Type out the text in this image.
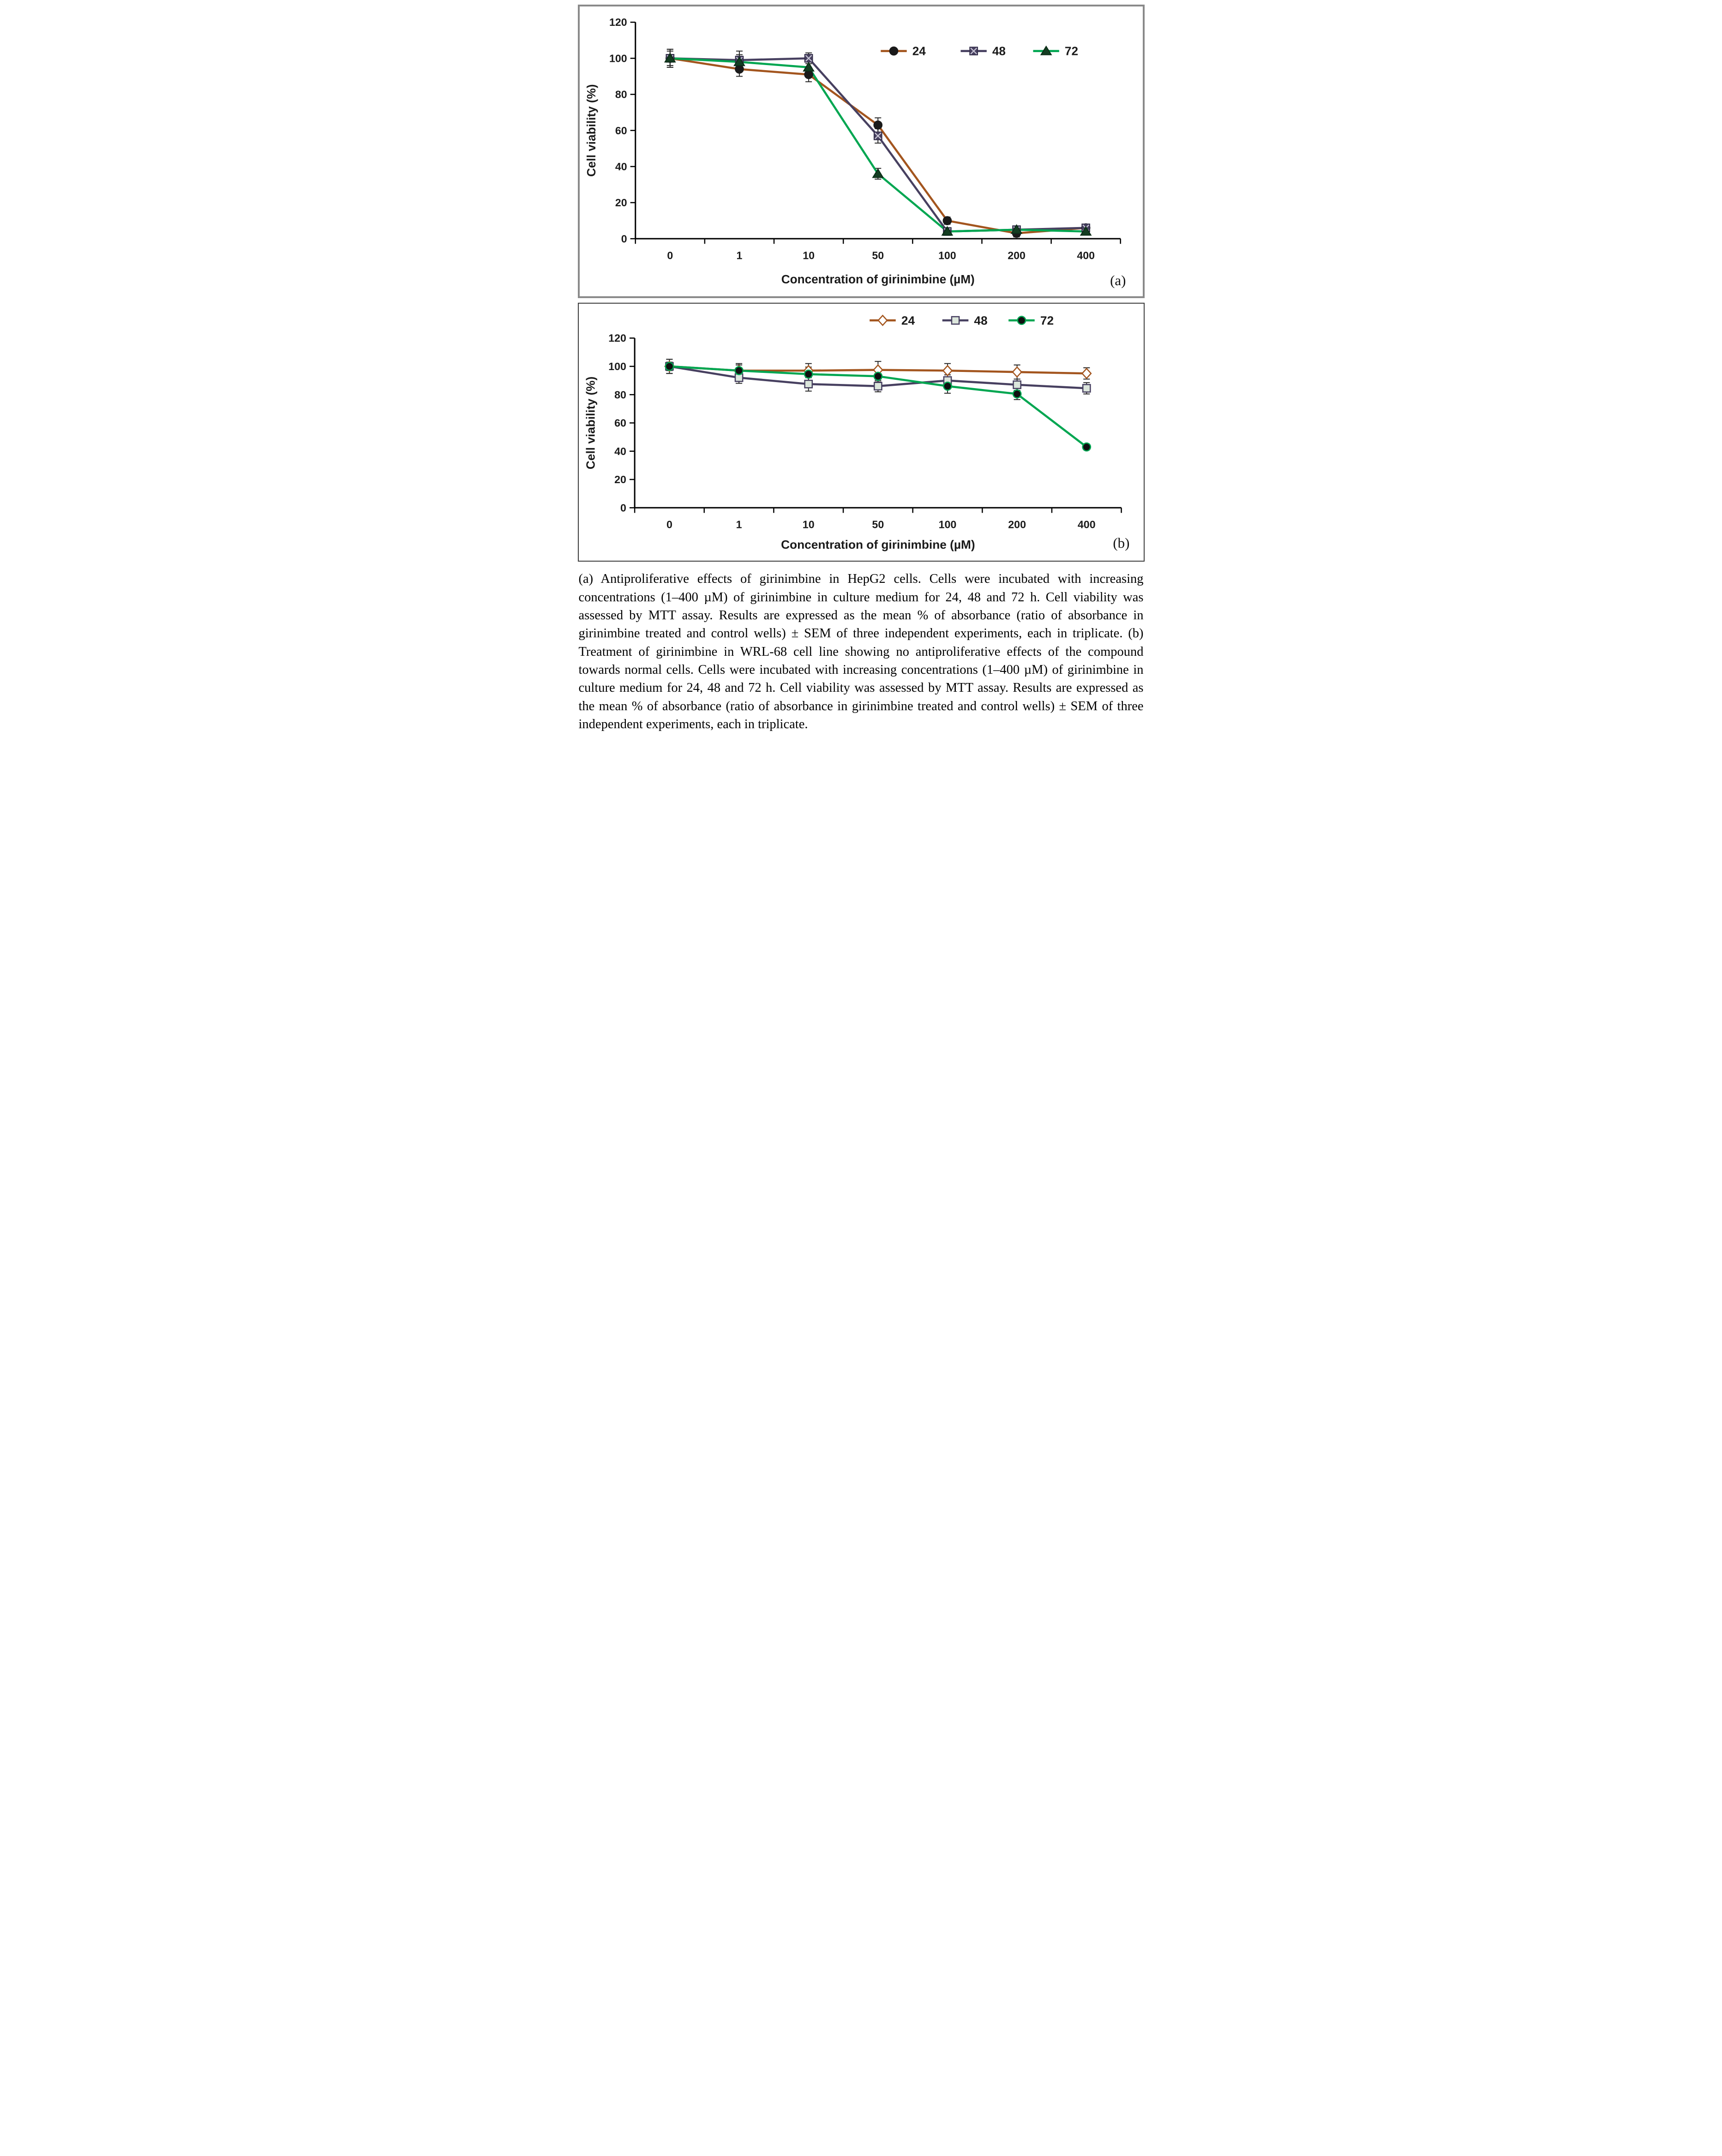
0
20
40
60
80
100
120
0	1	10	50	100	200	400
24	48	72
Cell viability (%)
Concentration of girinimbine (µM)	(a)
0
20
40
60
80
100
120
0	1	10	50	100	200	400
24	48	72
Cell viability (%)
Concentration of girinimbine (µM)	(b)

(a) Antiproliferative effects of girinimbine in HepG2 cells. Cells were incubated with increasing concentrations (1–400 µM) of girinimbine in culture medium for 24, 48 and 72 h. Cell viability was assessed by MTT assay. Results are expressed as the mean % of absorbance (ratio of absorbance in girinimbine treated and control wells) ± SEM of three independent experiments, each in triplicate. (b) Treatment of girinimbine in WRL-68 cell line showing no antiproliferative effects of the compound towards normal cells. Cells were incubated with increasing concentrations (1–400 µM) of girinimbine in culture medium for 24, 48 and 72 h. Cell viability was assessed by MTT assay. Results are expressed as the mean % of absorbance (ratio of absorbance in girinimbine treated and control wells) ± SEM of three independent experiments, each in triplicate.
